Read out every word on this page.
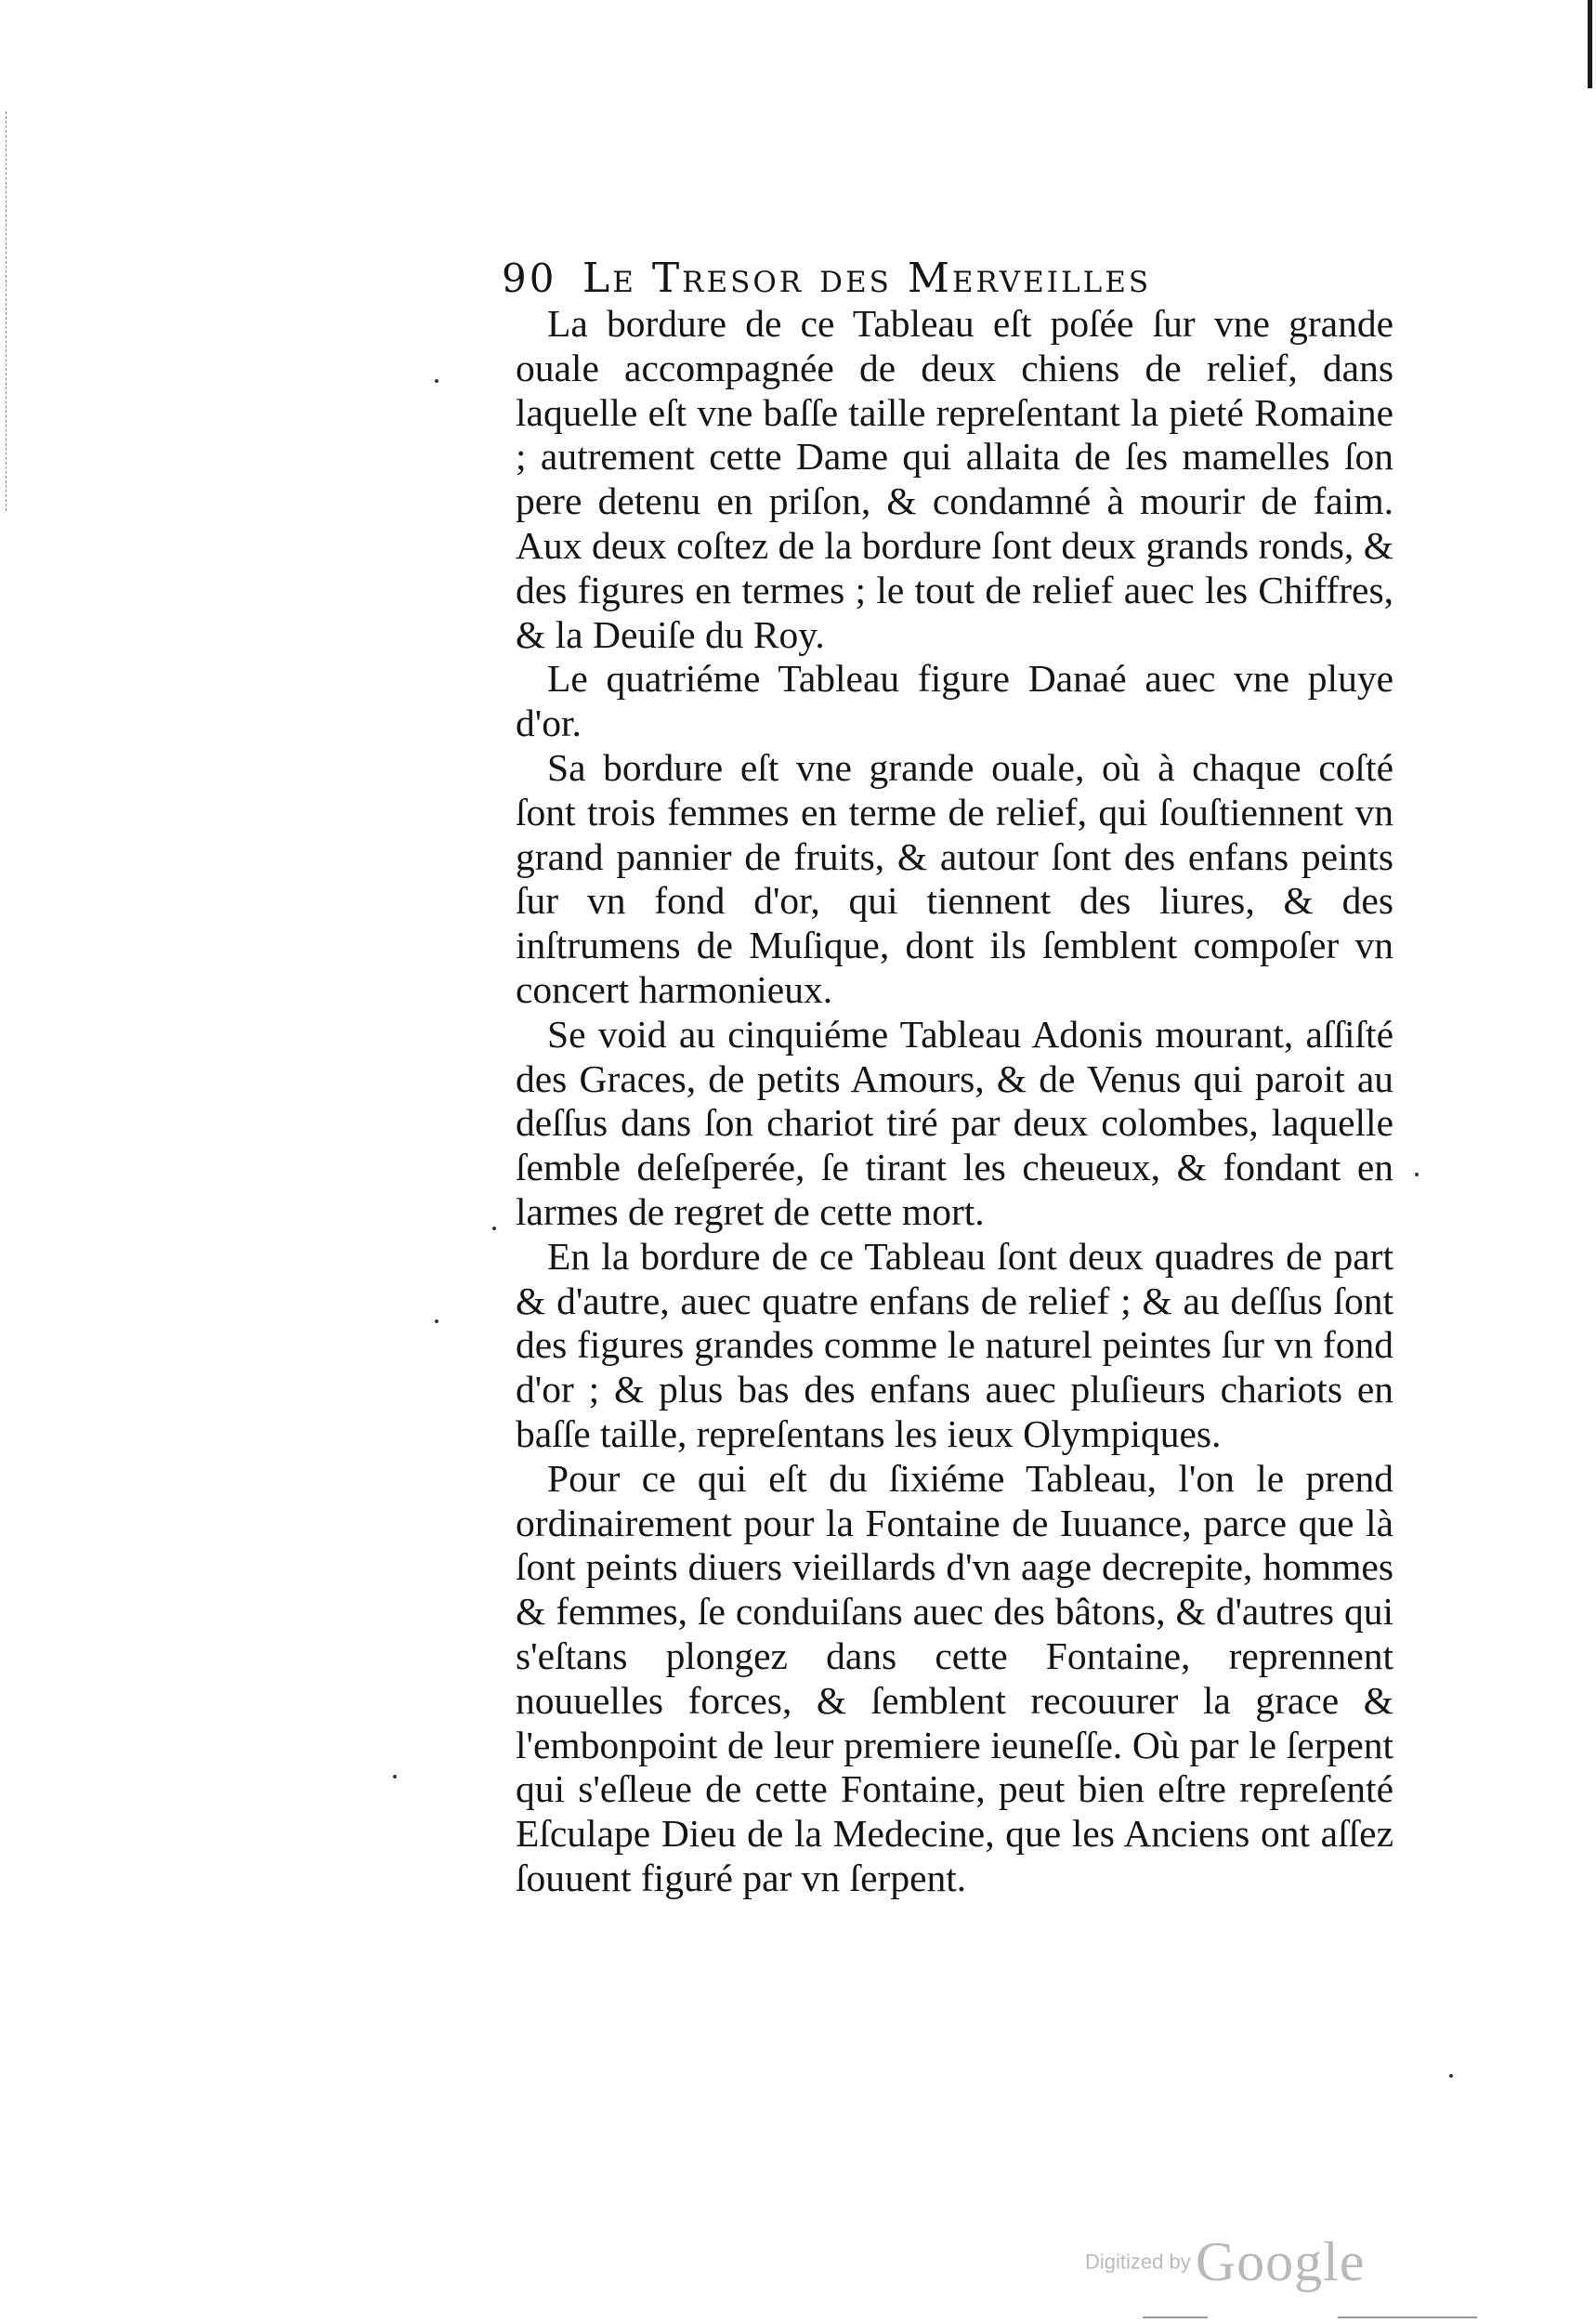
90 Le Tresor des Merveilles

La bordure de ce Tableau eſt poſée ſur vne grande ouale accompagnée de deux chiens de relief, dans laquelle eſt vne baſſe taille repreſentant la pieté Romaine ; autrement cette Dame qui allaita de ſes mamelles ſon pere detenu en priſon, & condamné à mourir de faim. Aux deux coſtez de la bordure ſont deux grands ronds, & des figures en termes ; le tout de relief auec les Chiffres, & la Deuiſe du Roy.

Le quatriéme Tableau figure Danaé auec vne pluye d'or.

Sa bordure eſt vne grande ouale, où à chaque coſté ſont trois femmes en terme de relief, qui ſouſtiennent vn grand pannier de fruits, & autour ſont des enfans peints ſur vn fond d'or, qui tiennent des liures, & des inſtrumens de Muſique, dont ils ſemblent compoſer vn concert harmonieux.

Se void au cinquiéme Tableau Adonis mourant, aſſiſté des Graces, de petits Amours, & de Venus qui paroit au deſſus dans ſon chariot tiré par deux colombes, laquelle ſemble deſeſperée, ſe tirant les cheueux, & fondant en larmes de regret de cette mort.

En la bordure de ce Tableau ſont deux quadres de part & d'autre, auec quatre enfans de relief ; & au deſſus ſont des figures grandes comme le naturel peintes ſur vn fond d'or ; & plus bas des enfans auec pluſieurs chariots en baſſe taille, repreſentans les ieux Olympiques.

Pour ce qui eſt du ſixiéme Tableau, l'on le prend ordinairement pour la Fontaine de Iuuance, parce que là ſont peints diuers vieillards d'vn aage decrepite, hommes & femmes, ſe conduiſans auec des bâtons, & d'autres qui s'eſtans plongez dans cette Fontaine, reprennent nouuelles forces, & ſemblent recouurer la grace & l'embonpoint de leur premiere ieuneſſe. Où par le ſerpent qui s'eſleue de cette Fontaine, peut bien eſtre repreſenté Eſculape Dieu de la Medecine, que les Anciens ont aſſez ſouuent figuré par vn ſerpent.

Digitized by Google
